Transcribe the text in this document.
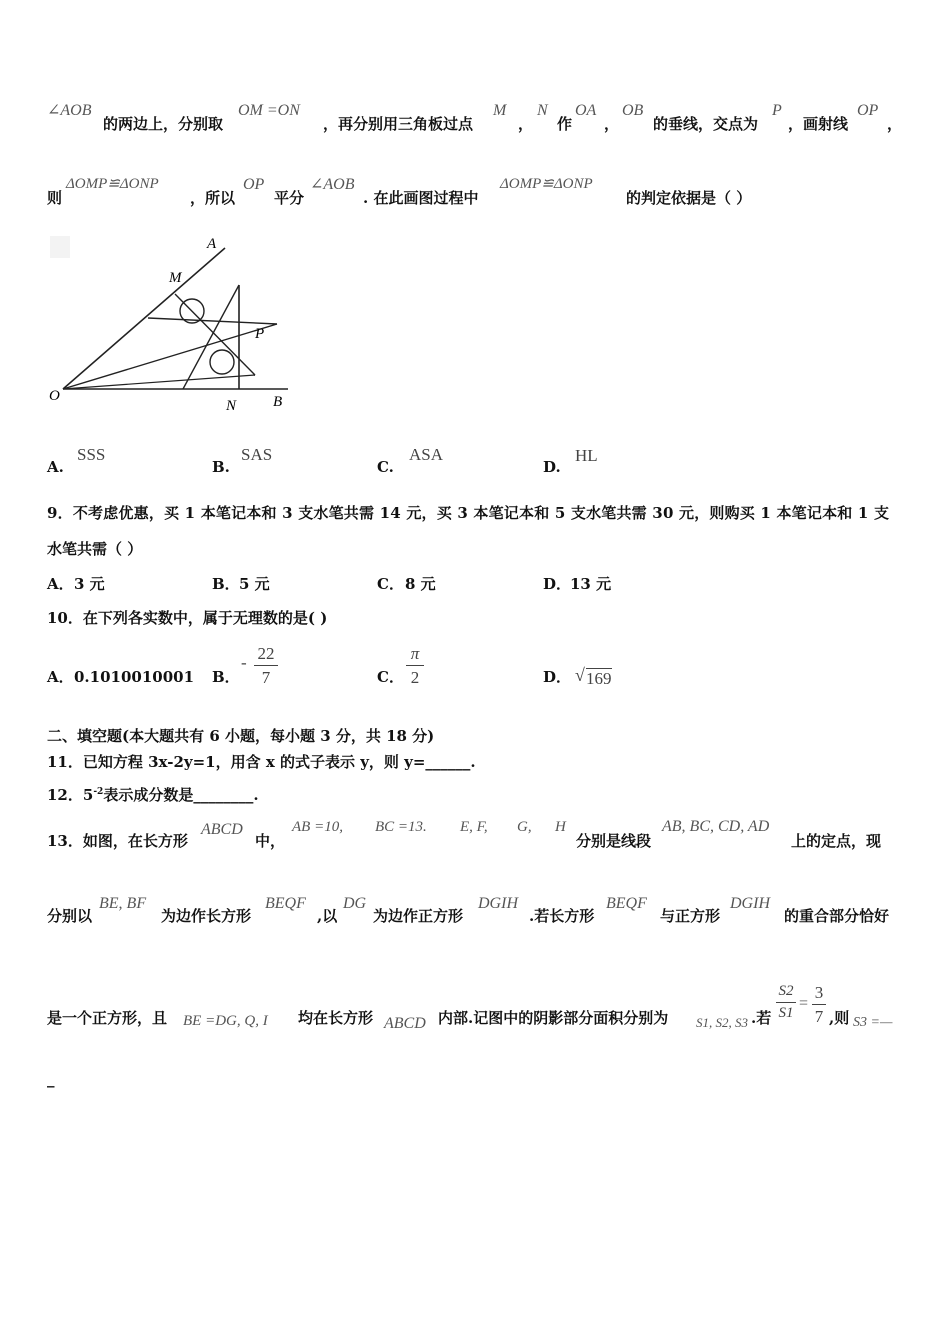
∠AOB
的两边上，分别取
OM =ON
，再分别用三角板过点
M
，
N
作
OA
，
OB
的垂线，交点为
P
，画射线
OP
，
则
ΔOMP≌ΔONP
，所以
OP
平分
∠AOB
. 在此画图过程中
ΔOMP≌ΔONP
的判定依据是（ ）
A
M
P
O
N B
A.
SSS
B.
SAS
C.
ASA
D.
HL
9．不考虑优惠，买 1 本笔记本和 3 支水笔共需 14 元，买 3 本笔记本和 5 支水笔共需 30 元，则购买 1 本笔记本和 1 支
水笔共需（ ）
A． 3 元	B． 5 元	C． 8 元	D．
13 元
10．在下列各实数中，属于无理数的是( )
A． 0.1010010001 B．
- 22
7	C．
π
2	D． √ 169
二、填空题(本大题共有 6 小题，每小题 3 分，共 18 分)
11．已知方程 3x-2y=1，用含 x 的式子表示 y，则 y=______.
12．$5^{-2}$表示成分数是________.
13．如图，在长方形
ABCD
中，
AB =10, BC =13. E, F, G, H
分别是线段
AB, BC, CD, AD
上的定点，现
分别以
BE, BF
为边作长方形
BEQF
,以
DG
为边作正方形
DGIH
.若长方形
BEQF
与正方形
DGIH
的重合部分恰好
是一个正方形，且 BE =DG, Q, I 均在长方形 ABCD 内部.记图中的阴影部分面积分别为 S1, S2, S3 .若
S2
S1
=
3
7 ,则 S3 =—
_
